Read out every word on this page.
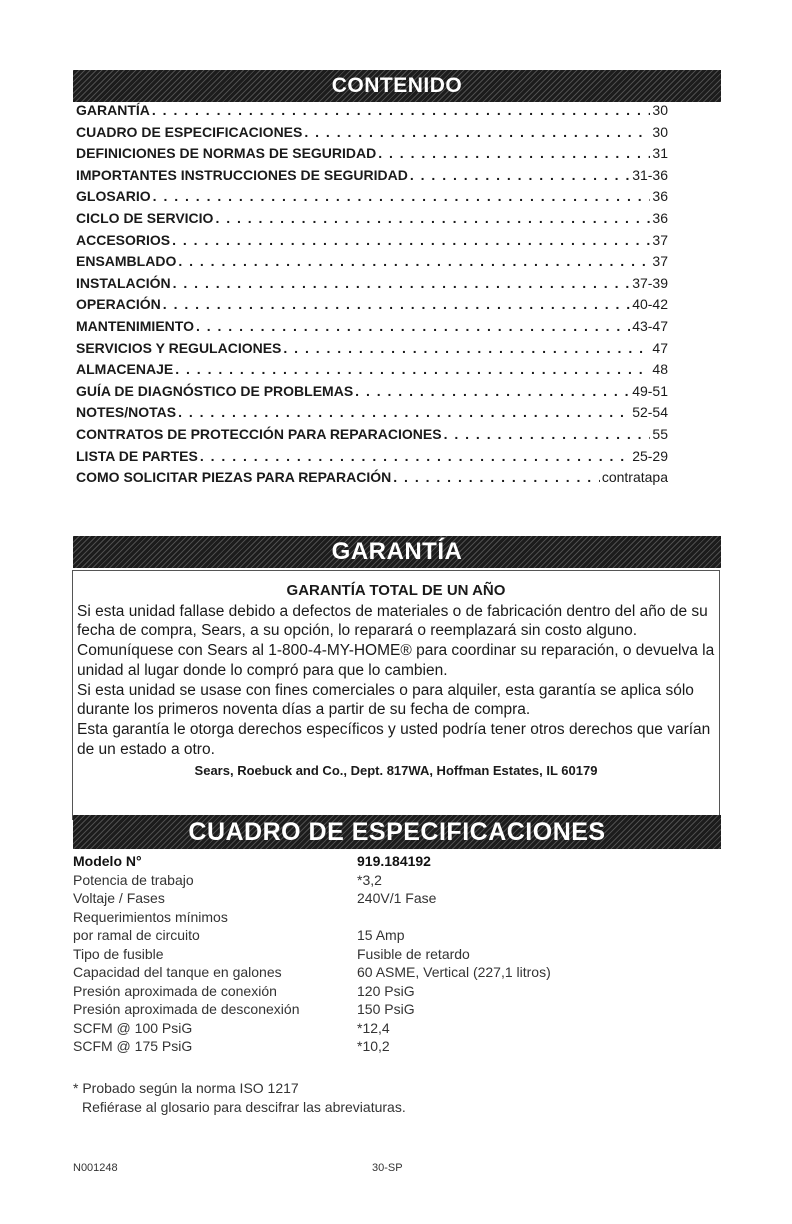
CONTENIDO
GARANTÍA . . .	30
CUADRO DE ESPECIFICACIONES . . .	30
DEFINICIONES DE NORMAS DE SEGURIDAD . . .	31
IMPORTANTES INSTRUCCIONES DE SEGURIDAD . . .	31-36
GLOSARIO . . .	36
CICLO DE SERVICIO . . .	36
ACCESORIOS . . .	37
ENSAMBLADO . . .	37
INSTALACIÓN . . .	37-39
OPERACIÓN . . .	40-42
MANTENIMIENTO . . .	43-47
SERVICIOS Y REGULACIONES . . .	47
ALMACENAJE . . .	48
GUÍA DE DIAGNÓSTICO DE PROBLEMAS . . .	49-51
NOTES/NOTAS . . .	52-54
CONTRATOS DE PROTECCIÓN PARA REPARACIONES . . .	55
LISTA DE PARTES . . .	25-29
COMO SOLICITAR PIEZAS PARA REPARACIÓN . . .	contratapa
GARANTÍA
GARANTÍA TOTAL DE UN AÑO

Si esta unidad fallase debido a defectos de materiales o de fabricación dentro del año de su fecha de compra, Sears, a su opción, lo reparará o reemplazará sin costo alguno. Comuníquese con Sears al 1-800-4-MY-HOME® para coordinar su reparación, o devuelva la unidad al lugar donde lo compró para que lo cambien.

Si esta unidad se usase con fines comerciales o para alquiler, esta garantía se aplica sólo durante los primeros noventa días a partir de su fecha de compra.

Esta garantía le otorga derechos específicos y usted podría tener otros derechos que varían de un estado a otro.

Sears, Roebuck and Co., Dept. 817WA, Hoffman Estates, IL 60179
CUADRO DE ESPECIFICACIONES
Modelo N°	919.184192
Potencia de trabajo	*3,2
Voltaje / Fases	240V/1 Fase
Requerimientos mínimos
por ramal de circuito	15 Amp
Tipo de fusible	Fusible de retardo
Capacidad del tanque en galones	60 ASME, Vertical (227,1 litros)
Presión aproximada de conexión	120 PsiG
Presión aproximada de desconexión	150 PsiG
SCFM @ 100 PsiG	*12,4
SCFM @ 175 PsiG	*10,2
* Probado según la norma ISO 1217
Refiérase al glosario para descifrar las abreviaturas.
N001248	30-SP
